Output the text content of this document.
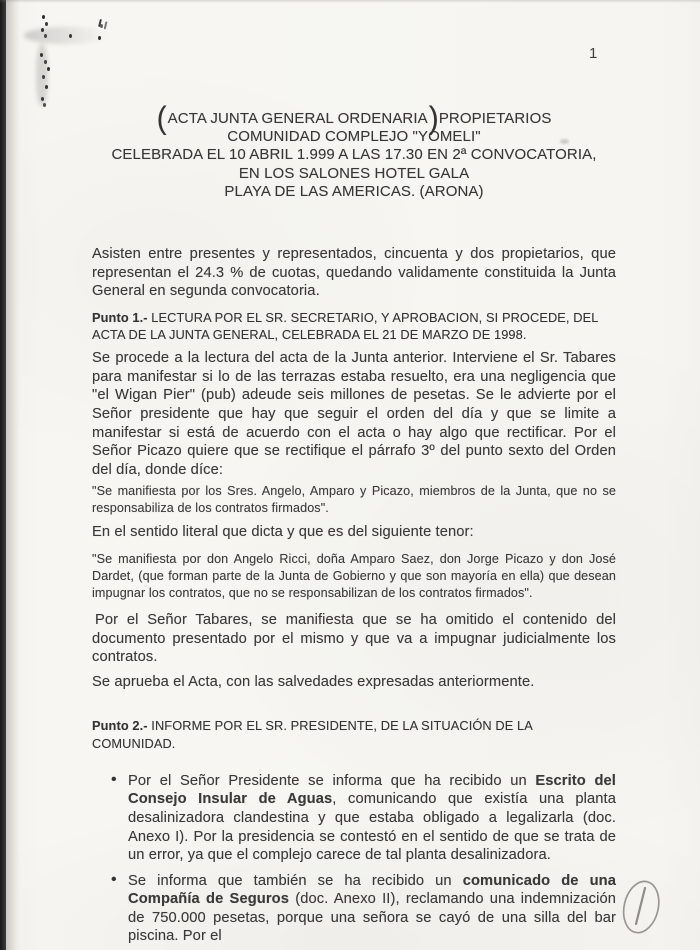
1
(ACTA JUNTA GENERAL ORDENARIA)PROPIETARIOS
COMUNIDAD COMPLEJO "YOMELI"
CELEBRADA EL 10 ABRIL 1.999 A LAS 17.30 EN 2ª CONVOCATORIA,
EN LOS SALONES HOTEL GALA
PLAYA DE LAS AMERICAS. (ARONA)

Asisten entre presentes y representados, cincuenta y dos propietarios, que representan el 24.3 % de cuotas, quedando validamente constituida la Junta General en segunda convocatoria.

Punto 1.- LECTURA POR EL SR. SECRETARIO, Y APROBACION, SI PROCEDE, DEL ACTA DE LA JUNTA GENERAL, CELEBRADA EL 21 DE MARZO DE 1998.

Se procede a la lectura del acta de la Junta anterior. Interviene el Sr. Tabares para manifestar si lo de las terrazas estaba resuelto, era una negligencia que "el Wigan Pier" (pub) adeude seis millones de pesetas. Se le advierte por el Señor presidente que hay que seguir el orden del día y que se limite a manifestar si está de acuerdo con el acta o hay algo que rectificar. Por el Señor Picazo quiere que se rectifique el párrafo 3º del punto sexto del Orden del día, donde díce:

"Se manifiesta por los Sres. Angelo, Amparo y Picazo, miembros de la Junta, que no se responsabiliza de los contratos firmados".

En el sentido literal que dicta y que es del siguiente tenor:

"Se manifiesta por don Angelo Ricci, doña Amparo Saez, don Jorge Picazo y don José Dardet, (que forman parte de la Junta de Gobierno y que son mayoría en ella) que desean impugnar los contratos, que no se responsabilizan de los contratos firmados".

Por el Señor Tabares, se manifiesta que se ha omitido el contenido del documento presentado por el mismo y que va a impugnar judicialmente los contratos.

Se aprueba el Acta, con las salvedades expresadas anteriormente.

Punto 2.- INFORME POR EL SR. PRESIDENTE, DE LA SITUACIÓN DE LA COMUNIDAD.

• Por el Señor Presidente se informa que ha recibido un Escrito del Consejo Insular de Aguas, comunicando que existía una planta desalinizadora clandestina y que estaba obligado a legalizarla (doc. Anexo I). Por la presidencia se contestó en el sentido de que se trata de un error, ya que el complejo carece de tal planta desalinizadora.
• Se informa que también se ha recibido un comunicado de una Compañía de Seguros (doc. Anexo II), reclamando una indemnización de 750.000 pesetas, porque una señora se cayó de una silla del bar piscina. Por el
